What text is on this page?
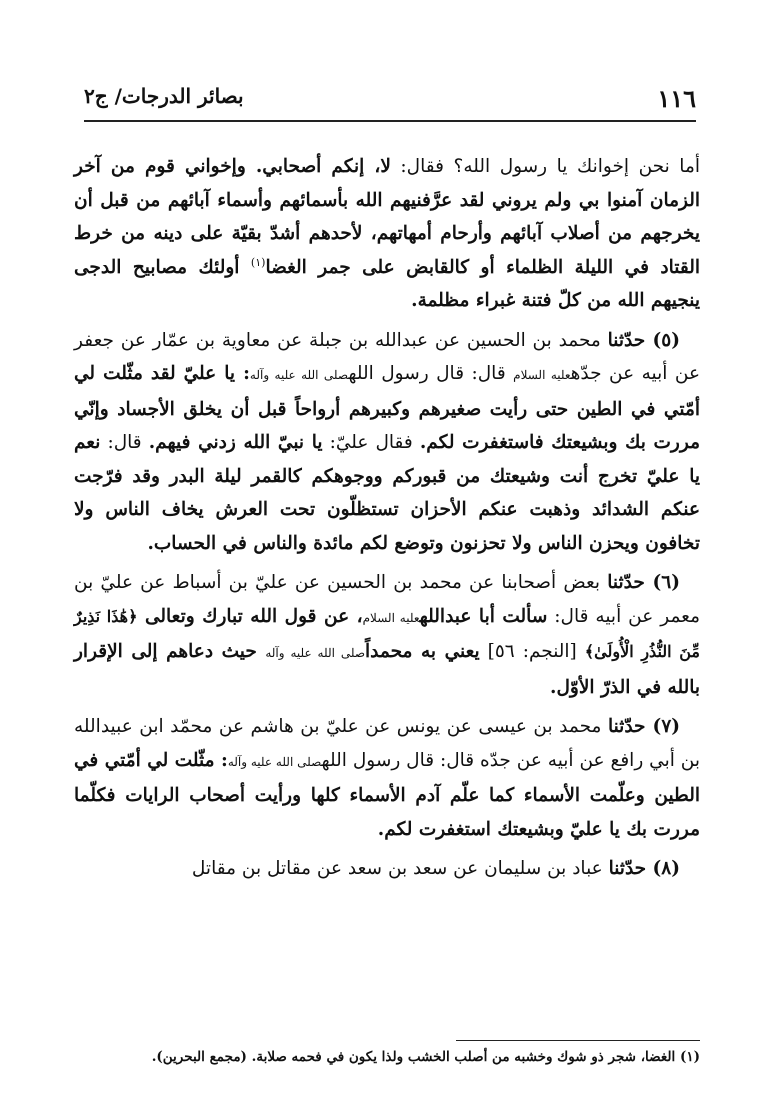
١١٦
بصائر الدرجات/ ج٢

أما نحن إخوانك يا رسول الله؟ فقال: لا، إنكم أصحابي. وإخواني قوم من آخر الزمان آمنوا بي ولم يروني لقد عرَّفنيهم الله بأسمائهم وأسماء آبائهم من قبل أن يخرجهم من أصلاب آبائهم وأرحام أمهاتهم، لأحدهم أشدّ بقيّة على دينه من خرط القتاد في الليلة الظلماء أو كالقابض على جمر الغضا$^{(١)}$ أولئك مصابيح الدجى ينجيهم الله من كلّ فتنة غبراء مظلمة.

(٥) حدّثنا محمد بن الحسين عن عبدالله بن جبلة عن معاوية بن عمّار عن جعفر عن أبيه عن جدّهعليه السلام قال: قال رسول اللهصلى الله عليه وآله: يا عليّ لقد مثّلت لي أمّتي في الطين حتى رأيت صغيرهم وكبيرهم أرواحاً قبل أن يخلق الأجساد وإنّي مررت بك وبشيعتك فاستغفرت لكم. فقال عليّ: يا نبيّ الله زدني فيهم. قال: نعم يا عليّ تخرج أنت وشيعتك من قبوركم ووجوهكم كالقمر ليلة البدر وقد فرّجت عنكم الشدائد وذهبت عنكم الأحزان تستظلّون تحت العرش يخاف الناس ولا تخافون ويحزن الناس ولا تحزنون وتوضع لكم مائدة والناس في الحساب.

(٦) حدّثنا بعض أصحابنا عن محمد بن الحسين عن عليّ بن أسباط عن عليّ بن معمر عن أبيه قال: سألت أبا عبداللهعليه السلام، عن قول الله تبارك وتعالى ﴿هَٰذَا نَذِيرٌ مِّنَ النُّذُرِ الْأُولَىٰ﴾ [النجم: ٥٦] يعني به محمداًصلى الله عليه وآله حيث دعاهم إلى الإقرار بالله في الذرّ الأوّل.

(٧) حدّثنا محمد بن عيسى عن يونس عن عليّ بن هاشم عن محمّد ابن عبيدالله بن أبي رافع عن أبيه عن جدّه قال: قال رسول اللهصلى الله عليه وآله: مثّلت لي أمّتي في الطين وعلّمت الأسماء كما علّم آدم الأسماء كلها ورأيت أصحاب الرايات فكلّما مررت بك يا عليّ وبشيعتك استغفرت لكم.

(٨) حدّثنا عباد بن سليمان عن سعد بن سعد عن مقاتل بن مقاتل

(١) الغضا، شجر ذو شوك وخشبه من أصلب الخشب ولذا يكون في فحمه صلابة. (مجمع البحرين).
